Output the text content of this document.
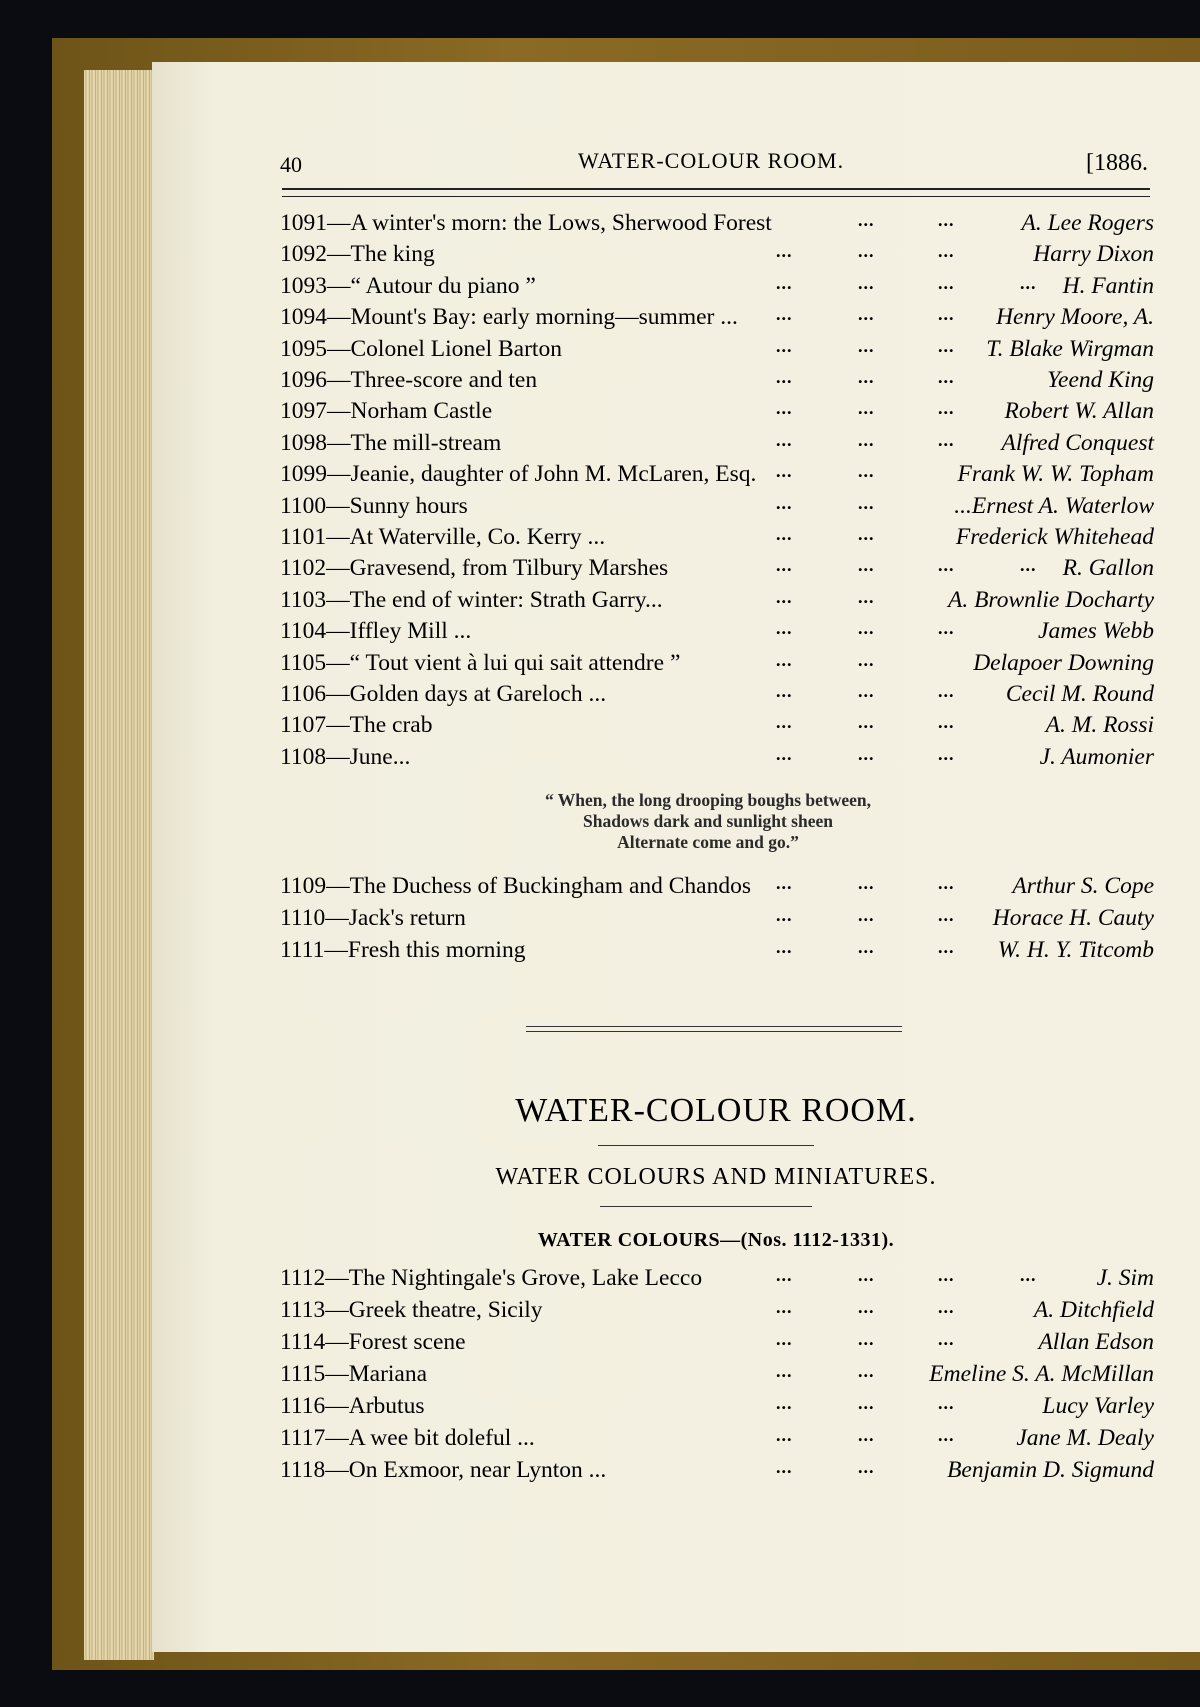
40	WATER-COLOUR ROOM.	[1886.
1091—A winter's morn: the Lows, Sherwood Forest	...	...	A. Lee Rogers
1092—The king	...	...	...	Harry Dixon
1093—“ Autour du piano ”	...	...	...	... H. Fantin
1094—Mount's Bay: early morning—summer ... ...	...	... Henry Moore, A.
1095—Colonel Lionel Barton	...	...	... T. Blake Wirgman
1096—Three-score and ten	...	...	...	Yeend King
1097—Norham Castle	...	...	... Robert W. Allan
1098—The mill-stream	...	...	... Alfred Conquest
1099—Jeanie, daughter of John M. McLaren, Esq. ...	...	Frank W. W. Topham
1100—Sunny hours	...	...	...Ernest A. Waterlow
1101—At Waterville, Co. Kerry ...	...	...	Frederick Whitehead
1102—Gravesend, from Tilbury Marshes	...	...	...	... R. Gallon
1103—The end of winter: Strath Garry...	...	...	A. Brownlie Docharty
1104—Iffley Mill ...	...	...	...	James Webb
1105—“ Tout vient à lui qui sait attendre ”	...	...	Delapoer Downing
1106—Golden days at Gareloch ...	...	...	... Cecil M. Round
1107—The crab	...	...	...	A. M. Rossi
1108—June...	...	...	...	J. Aumonier
“ When, the long drooping boughs between,
Shadows dark and sunlight sheen
Alternate come and go.”
1109—The Duchess of Buckingham and Chandos ...	...	... Arthur S. Cope
1110—Jack's return	...	...	... Horace H. Cauty
1111—Fresh this morning	...	...	... W. H. Y. Titcomb
WATER-COLOUR ROOM.
WATER COLOURS AND MINIATURES.
WATER COLOURS—(Nos. 1112-1331).
1112—The Nightingale's Grove, Lake Lecco	...	...	...	...	J. Sim
1113—Greek theatre, Sicily	...	...	...	A. Ditchfield
1114—Forest scene	...	...	...	Allan Edson
1115—Mariana	...	... Emeline S. A. McMillan
1116—Arbutus	...	...	...	Lucy Varley
1117—A wee bit doleful ...	...	...	...	Jane M. Dealy
1118—On Exmoor, near Lynton ...	...	...	Benjamin D. Sigmund
